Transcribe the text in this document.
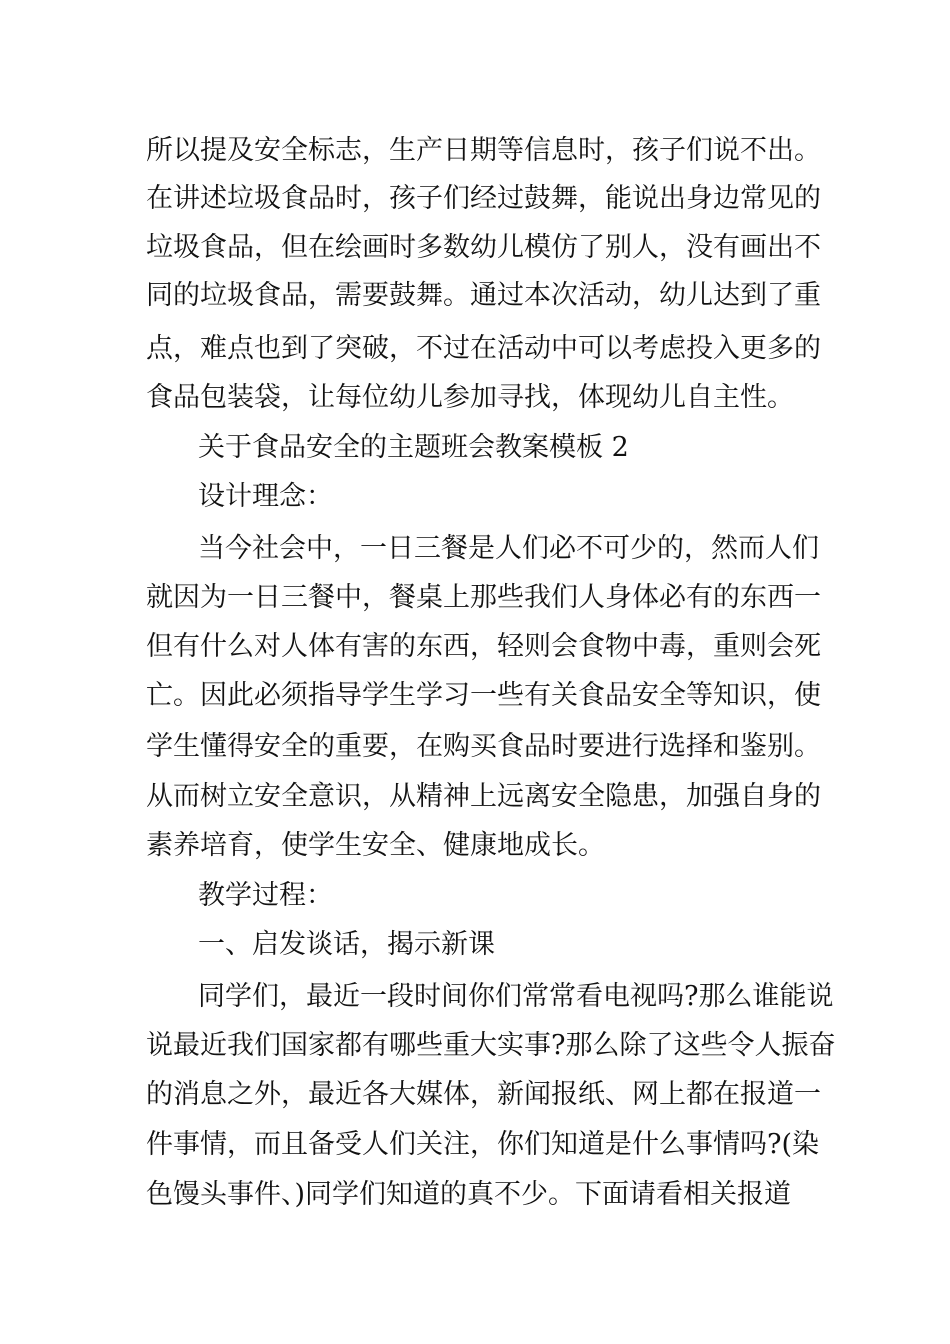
所以提及安全标志，生产日期等信息时，孩子们说不出。
在讲述垃圾食品时，孩子们经过鼓舞，能说出身边常见的
垃圾食品，但在绘画时多数幼儿模仿了别人，没有画出不
同的垃圾食品，需要鼓舞。通过本次活动，幼儿达到了重
点，难点也到了突破，不过在活动中可以考虑投入更多的
食品包装袋，让每位幼儿参加寻找，体现幼儿自主性。
关于食品安全的主题班会教案模板 2
设计理念：
当今社会中，一日三餐是人们必不可少的，然而人们
就因为一日三餐中，餐桌上那些我们人身体必有的东西一
但有什么对人体有害的东西，轻则会食物中毒，重则会死
亡。因此必须指导学生学习一些有关食品安全等知识，使
学生懂得安全的重要，在购买食品时要进行选择和鉴别。
从而树立安全意识，从精神上远离安全隐患，加强自身的
素养培育，使学生安全、健康地成长。
教学过程：
一、启发谈话，揭示新课
同学们，最近一段时间你们常常看电视吗?那么谁能说
说最近我们国家都有哪些重大实事?那么除了这些令人振奋
的消息之外，最近各大媒体，新闻报纸、网上都在报道一
件事情，而且备受人们关注，你们知道是什么事情吗?(染
色馒头事件、)同学们知道的真不少。下面请看相关报道
